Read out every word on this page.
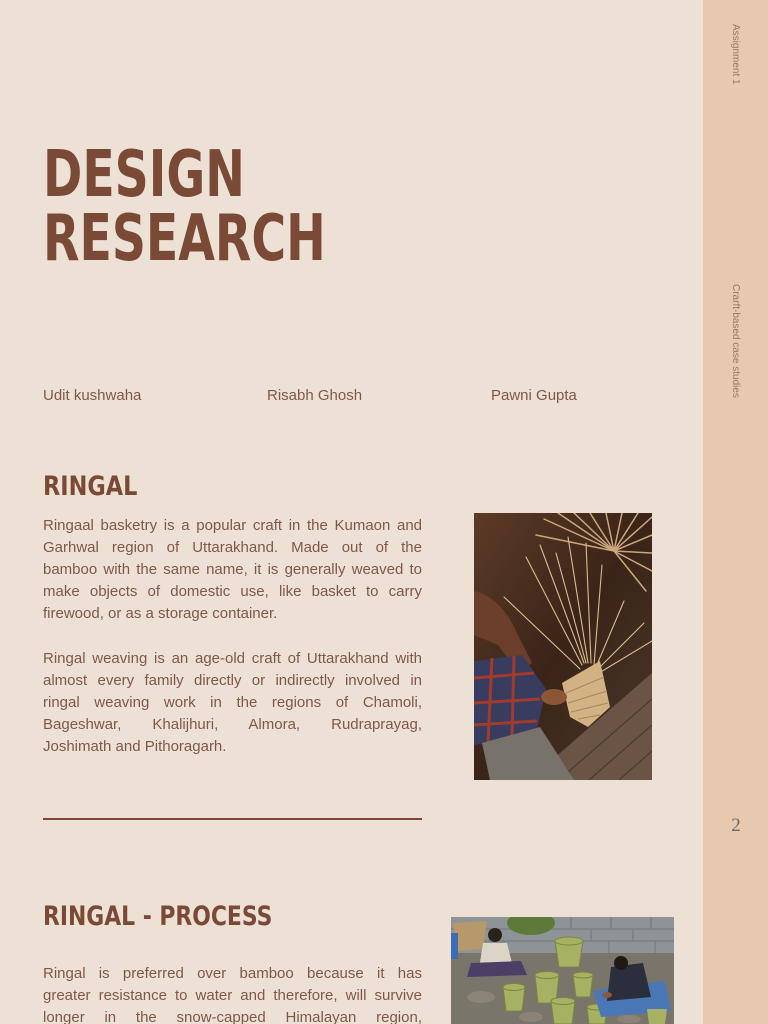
Assignment 1
Crarft-based case studies
2
DESIGN
RESEARCH
Udit kushwaha	Risabh Ghosh	Pawni Gupta
RINGAL
Ringaal basketry is a popular craft in the Kumaon and
Garhwal region of Uttarakhand. Made out of the
bamboo with the same name, it is generally weaved to
make objects of domestic use, like basket to carry
firewood, or as a storage container.
Ringal weaving is an age-old craft of Uttarakhand with
almost every family directly or indirectly involved in
ringal weaving work in the regions of Chamoli,
Bageshwar, Khalijhuri, Almora, Rudraprayag,
Joshimath and Pithoragarh.
RINGAL - PROCESS
Ringal is preferred over bamboo because it has
greater resistance to water and therefore, will survive
longer in the snow-capped Himalayan region,
